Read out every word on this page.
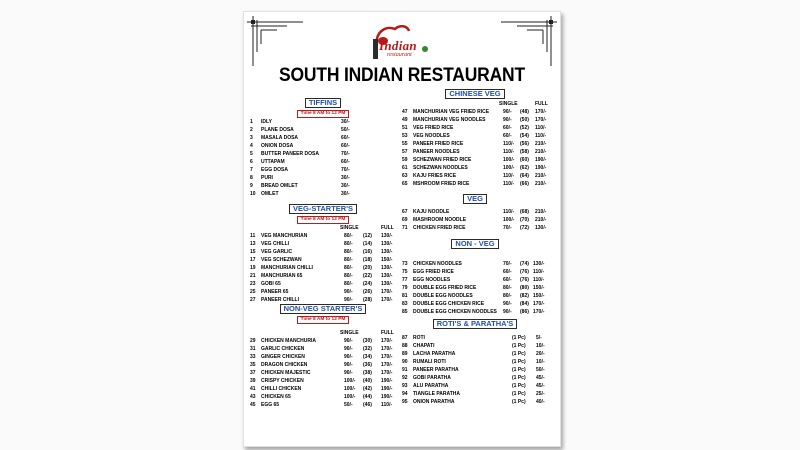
Indian
restaurant
SOUTH INDIAN RESTAURANT
TIFFINS
Time 8 AM to 12 PM
1 IDLY	30/-
2 PLANE DOSA	50/-
3 MASALA DOSA	60/-
4 ONION DOSA	60/-
5 BUTTER PANEER DOSA	70/-
6 UTTAPAM	60/-
7 EGG DOSA	70/-
8 PURI	30/-
9 BREAD OMLET	30/-
10 OMLET	30/-
VEG-STARTER'S
Time 8 AM to 12 PM
SINGLE	FULL
11 VEG MANCHURIAN	80/- (12) 130/-
13 VEG CHILLI	80/- (14) 130/-
15 VEG GARLIC	80/- (16) 130/-
17 VEG SCHEZWAN	80/- (18) 150/-
19 MANCHURIAN CHILLI	80/- (20) 130/-
21 MANCHURIAN 65	80/- (22) 130/-
23 GOBI 65	80/- (24) 130/-
25 PANEER 65	90/- (26) 170/-
27 PANEER CHILLI	90/- (28) 170/-
NON-VEG STARTER'S
Time 8 AM to 12 PM
SINGLE	FULL
29 CHICKEN MANCHURIA	90/- (30) 170/-
31 GARLIC CHICKEN	90/- (32) 170/-
33 GINGER CHICKEN	90/- (34) 170/-
35 DRAGON CHICKEN	90/- (36) 170/-
37 CHICKEN MAJESTIC	90/- (38) 170/-
39 CRISPY CHICKEN	100/- (40) 190/-
41 CHILLI CHICKEN	100/- (42) 190/-
43 CHICKEN 65	100/- (44) 190/-
45 EGG 65	50/- (46) 110/-
CHINESE VEG
SINGLE	FULL
47 MANCHURIAN VEG FRIED RICE	90/- (48) 170/-
49 MANCHURIAN VEG NOODLES	90/- (50) 170/-
51 VEG FRIED RICE	60/- (52) 110/-
53 VEG NOODLES	60/- (54) 110/-
55 PANEER FRIED RICE	110/- (56) 210/-
57 PANEER NOODLES	110/- (58) 210/-
59 SCHEZWAN FRIED RICE	100/- (60) 190/-
61 SCHEZWAN NOODLES	100/- (62) 190/-
63 KAJU FRIES RICE	110/- (64) 210/-
65 MSHROOM FRIED RICE	110/- (66) 210/-
VEG
67 KAJU NOODLE	110/- (68) 210/-
69 MASHROOM NOODLE	100/- (70) 210/-
71 CHICKEN FRIED RICE	70/- (72) 130/-
NON - VEG
73 CHICKEN NOODLES	70/- (74) 130/-
75 EGG FRIED RICE	60/- (76) 110/-
77 EGG NOODLES	60/- (76) 110/-
79 DOUBLE EGG FRIED RICE	80/- (80) 150/-
81 DOUBLE EGG NOODLES	80/- (82) 150/-
83 DOUBLE EGG CHICKEN RICE	90/- (84) 170/-
85 DOUBLE EGG CHICKEN NOODLES 90/- (86) 170/-
ROTI'S & PARATHA'S
87 ROTI	(1 Pc) 5/-
88 CHAPATI	(1 Pc) 10/-
89 LACHA PARATHA	(1 Pc) 20/-
90 RUMALI ROTI	(1 Pc) 10/-
91 PANEER PARATHA	(1 Pc) 50/-
92 GOBI PARATHA	(1 Pc) 45/-
93 ALU PARATHA	(1 Pc) 45/-
94 TIANGLE PARATHA	(1 Pc) 25/-
95 ONION PARATHA	(1 Pc) 40/-
